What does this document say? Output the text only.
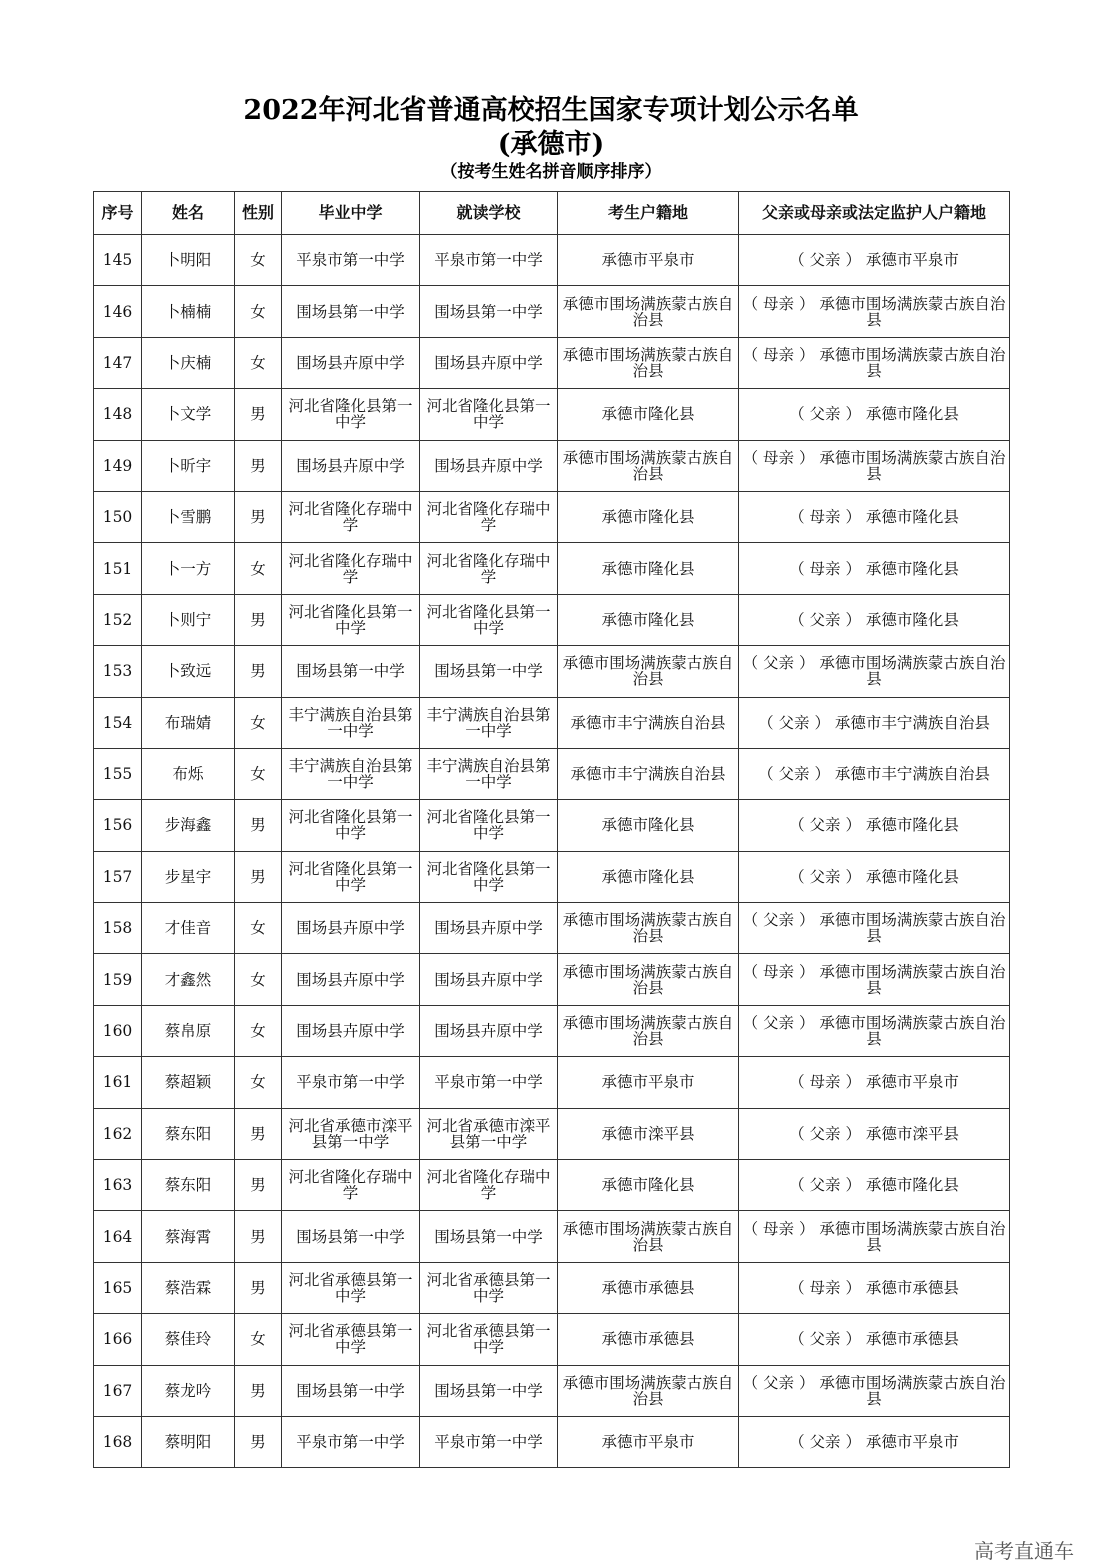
2022年河北省普通高校招生国家专项计划公示名单
(承德市)
（按考生姓名拼音顺序排序）
序号	姓名	性别	毕业中学	就读学校	考生户籍地	父亲或母亲或法定监护人户籍地
145	卜明阳	女	平泉市第一中学	平泉市第一中学	承德市平泉市	（ 父亲 ） 承德市平泉市
146	卜楠楠	女	围场县第一中学	围场县第一中学	承德市围场满族蒙古族自治县	（ 母亲 ） 承德市围场满族蒙古族自治县
147	卜庆楠	女	围场县卉原中学	围场县卉原中学	承德市围场满族蒙古族自治县	（ 母亲 ） 承德市围场满族蒙古族自治县
148	卜文学	男	河北省隆化县第一中学	河北省隆化县第一中学	承德市隆化县	（ 父亲 ） 承德市隆化县
149	卜昕宇	男	围场县卉原中学	围场县卉原中学	承德市围场满族蒙古族自治县	（ 母亲 ） 承德市围场满族蒙古族自治县
150	卜雪鹏	男	河北省隆化存瑞中学	河北省隆化存瑞中学	承德市隆化县	（ 母亲 ） 承德市隆化县
151	卜一方	女	河北省隆化存瑞中学	河北省隆化存瑞中学	承德市隆化县	（ 母亲 ） 承德市隆化县
152	卜则宁	男	河北省隆化县第一中学	河北省隆化县第一中学	承德市隆化县	（ 父亲 ） 承德市隆化县
153	卜致远	男	围场县第一中学	围场县第一中学	承德市围场满族蒙古族自治县	（ 父亲 ） 承德市围场满族蒙古族自治县
154	布瑞婧	女	丰宁满族自治县第一中学	丰宁满族自治县第一中学	承德市丰宁满族自治县	（ 父亲 ） 承德市丰宁满族自治县
155	布烁	女	丰宁满族自治县第一中学	丰宁满族自治县第一中学	承德市丰宁满族自治县	（ 父亲 ） 承德市丰宁满族自治县
156	步海鑫	男	河北省隆化县第一中学	河北省隆化县第一中学	承德市隆化县	（ 父亲 ） 承德市隆化县
157	步星宇	男	河北省隆化县第一中学	河北省隆化县第一中学	承德市隆化县	（ 父亲 ） 承德市隆化县
158	才佳音	女	围场县卉原中学	围场县卉原中学	承德市围场满族蒙古族自治县	（ 父亲 ） 承德市围场满族蒙古族自治县
159	才鑫然	女	围场县卉原中学	围场县卉原中学	承德市围场满族蒙古族自治县	（ 母亲 ） 承德市围场满族蒙古族自治县
160	蔡帛原	女	围场县卉原中学	围场县卉原中学	承德市围场满族蒙古族自治县	（ 父亲 ） 承德市围场满族蒙古族自治县
161	蔡超颖	女	平泉市第一中学	平泉市第一中学	承德市平泉市	（ 母亲 ） 承德市平泉市
162	蔡东阳	男	河北省承德市滦平县第一中学	河北省承德市滦平县第一中学	承德市滦平县	（ 父亲 ） 承德市滦平县
163	蔡东阳	男	河北省隆化存瑞中学	河北省隆化存瑞中学	承德市隆化县	（ 父亲 ） 承德市隆化县
164	蔡海霄	男	围场县第一中学	围场县第一中学	承德市围场满族蒙古族自治县	（ 母亲 ） 承德市围场满族蒙古族自治县
165	蔡浩霖	男	河北省承德县第一中学	河北省承德县第一中学	承德市承德县	（ 母亲 ） 承德市承德县
166	蔡佳玲	女	河北省承德县第一中学	河北省承德县第一中学	承德市承德县	（ 父亲 ） 承德市承德县
167	蔡龙吟	男	围场县第一中学	围场县第一中学	承德市围场满族蒙古族自治县	（ 父亲 ） 承德市围场满族蒙古族自治县
168	蔡明阳	男	平泉市第一中学	平泉市第一中学	承德市平泉市	（ 父亲 ） 承德市平泉市
高考直通车
